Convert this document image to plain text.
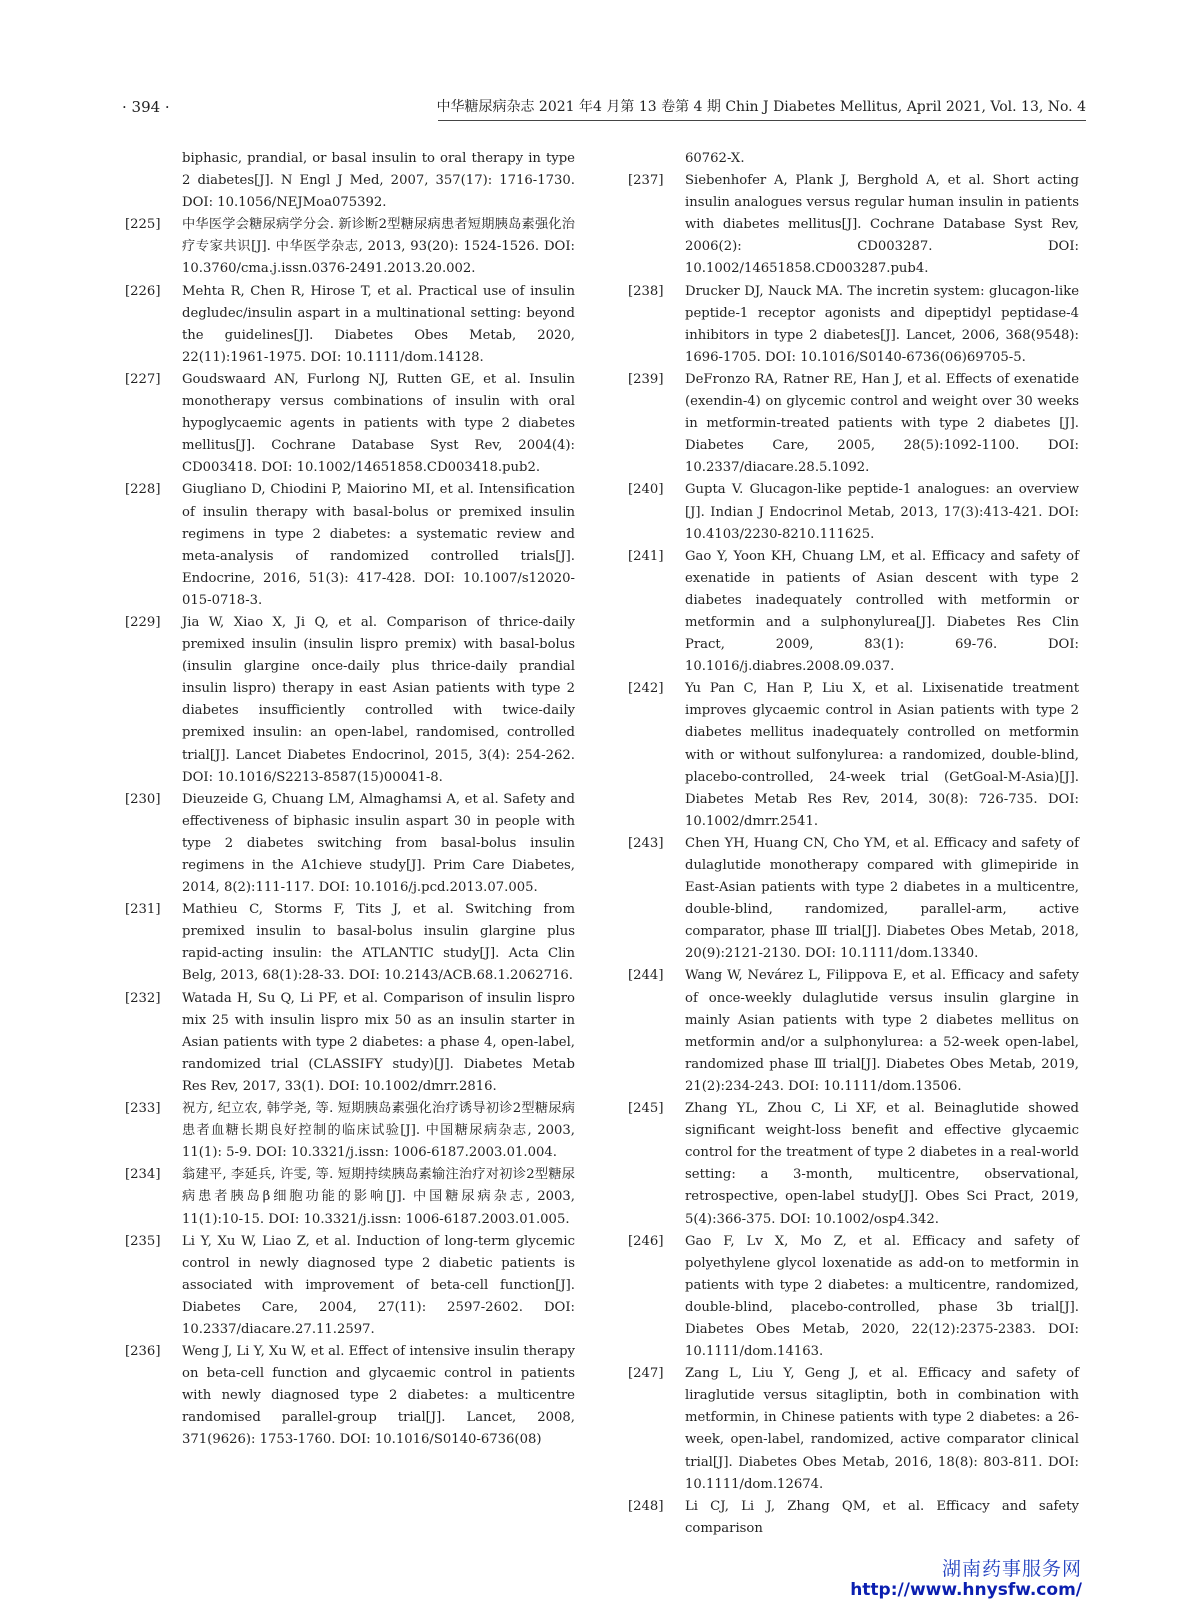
· 394 ·	中华糖尿病杂志 2021 年4 月第 13 卷第 4 期 Chin J Diabetes Mellitus, April 2021, Vol. 13, No. 4
biphasic, prandial, or basal insulin to oral therapy in type 2 diabetes[J]. N Engl J Med, 2007, 357(17): 1716-1730. DOI: 10.1056/NEJMoa075392.
[225] 中华医学会糖尿病学分会. 新诊断2型糖尿病患者短期胰岛素强化治疗专家共识[J]. 中华医学杂志, 2013, 93(20): 1524-1526. DOI: 10.3760/cma.j.issn.0376-2491.2013.20.002.
[226] Mehta R, Chen R, Hirose T, et al. Practical use of insulin degludec/insulin aspart in a multinational setting: beyond the guidelines[J]. Diabetes Obes Metab, 2020, 22(11):1961-1975. DOI: 10.1111/dom.14128.
[227] Goudswaard AN, Furlong NJ, Rutten GE, et al. Insulin monotherapy versus combinations of insulin with oral hypoglycaemic agents in patients with type 2 diabetes mellitus[J]. Cochrane Database Syst Rev, 2004(4): CD003418. DOI: 10.1002/14651858.CD003418.pub2.
[228] Giugliano D, Chiodini P, Maiorino MI, et al. Intensification of insulin therapy with basal-bolus or premixed insulin regimens in type 2 diabetes: a systematic review and meta-analysis of randomized controlled trials[J]. Endocrine, 2016, 51(3): 417-428. DOI: 10.1007/s12020-015-0718-3.
[229] Jia W, Xiao X, Ji Q, et al. Comparison of thrice-daily premixed insulin (insulin lispro premix) with basal-bolus (insulin glargine once-daily plus thrice-daily prandial insulin lispro) therapy in east Asian patients with type 2 diabetes insufficiently controlled with twice-daily premixed insulin: an open-label, randomised, controlled trial[J]. Lancet Diabetes Endocrinol, 2015, 3(4): 254-262. DOI: 10.1016/S2213-8587(15)00041-8.
[230] Dieuzeide G, Chuang LM, Almaghamsi A, et al. Safety and effectiveness of biphasic insulin aspart 30 in people with type 2 diabetes switching from basal-bolus insulin regimens in the A1chieve study[J]. Prim Care Diabetes, 2014, 8(2):111-117. DOI: 10.1016/j.pcd.2013.07.005.
[231] Mathieu C, Storms F, Tits J, et al. Switching from premixed insulin to basal-bolus insulin glargine plus rapid-acting insulin: the ATLANTIC study[J]. Acta Clin Belg, 2013, 68(1):28-33. DOI: 10.2143/ACB.68.1.2062716.
[232] Watada H, Su Q, Li PF, et al. Comparison of insulin lispro mix 25 with insulin lispro mix 50 as an insulin starter in Asian patients with type 2 diabetes: a phase 4, open-label, randomized trial (CLASSIFY study)[J]. Diabetes Metab Res Rev, 2017, 33(1). DOI: 10.1002/dmrr.2816.
[233] 祝方, 纪立农, 韩学尧, 等. 短期胰岛素强化治疗诱导初诊2型糖尿病患者血糖长期良好控制的临床试验[J]. 中国糖尿病杂志, 2003, 11(1): 5-9. DOI: 10.3321/j.issn: 1006-6187.2003.01.004.
[234] 翁建平, 李延兵, 许雯, 等. 短期持续胰岛素输注治疗对初诊2型糖尿病患者胰岛β细胞功能的影响[J]. 中国糖尿病杂志, 2003, 11(1):10-15. DOI: 10.3321/j.issn: 1006-6187.2003.01.005.
[235] Li Y, Xu W, Liao Z, et al. Induction of long-term glycemic control in newly diagnosed type 2 diabetic patients is associated with improvement of beta-cell function[J]. Diabetes Care, 2004, 27(11): 2597-2602. DOI: 10.2337/diacare.27.11.2597.
[236] Weng J, Li Y, Xu W, et al. Effect of intensive insulin therapy on beta-cell function and glycaemic control in patients with newly diagnosed type 2 diabetes: a multicentre randomised parallel-group trial[J]. Lancet, 2008, 371(9626): 1753-1760. DOI: 10.1016/S0140-6736(08)
60762-X.
[237] Siebenhofer A, Plank J, Berghold A, et al. Short acting insulin analogues versus regular human insulin in patients with diabetes mellitus[J]. Cochrane Database Syst Rev, 2006(2): CD003287. DOI: 10.1002/14651858.CD003287.pub4.
[238] Drucker DJ, Nauck MA. The incretin system: glucagon-like peptide-1 receptor agonists and dipeptidyl peptidase-4 inhibitors in type 2 diabetes[J]. Lancet, 2006, 368(9548): 1696-1705. DOI: 10.1016/S0140-6736(06)69705-5.
[239] DeFronzo RA, Ratner RE, Han J, et al. Effects of exenatide (exendin-4) on glycemic control and weight over 30 weeks in metformin-treated patients with type 2 diabetes [J]. Diabetes Care, 2005, 28(5):1092-1100. DOI: 10.2337/diacare.28.5.1092.
[240] Gupta V. Glucagon-like peptide-1 analogues: an overview [J]. Indian J Endocrinol Metab, 2013, 17(3):413-421. DOI: 10.4103/2230-8210.111625.
[241] Gao Y, Yoon KH, Chuang LM, et al. Efficacy and safety of exenatide in patients of Asian descent with type 2 diabetes inadequately controlled with metformin or metformin and a sulphonylurea[J]. Diabetes Res Clin Pract, 2009, 83(1): 69-76. DOI: 10.1016/j.diabres.2008.09.037.
[242] Yu Pan C, Han P, Liu X, et al. Lixisenatide treatment improves glycaemic control in Asian patients with type 2 diabetes mellitus inadequately controlled on metformin with or without sulfonylurea: a randomized, double-blind, placebo-controlled, 24-week trial (GetGoal-M-Asia)[J]. Diabetes Metab Res Rev, 2014, 30(8): 726-735. DOI: 10.1002/dmrr.2541.
[243] Chen YH, Huang CN, Cho YM, et al. Efficacy and safety of dulaglutide monotherapy compared with glimepiride in East-Asian patients with type 2 diabetes in a multicentre, double-blind, randomized, parallel-arm, active comparator, phase Ⅲ trial[J]. Diabetes Obes Metab, 2018, 20(9):2121-2130. DOI: 10.1111/dom.13340.
[244] Wang W, Nevárez L, Filippova E, et al. Efficacy and safety of once-weekly dulaglutide versus insulin glargine in mainly Asian patients with type 2 diabetes mellitus on metformin and/or a sulphonylurea: a 52-week open-label, randomized phase Ⅲ trial[J]. Diabetes Obes Metab, 2019, 21(2):234-243. DOI: 10.1111/dom.13506.
[245] Zhang YL, Zhou C, Li XF, et al. Beinaglutide showed significant weight-loss benefit and effective glycaemic control for the treatment of type 2 diabetes in a real-world setting: a 3-month, multicentre, observational, retrospective, open-label study[J]. Obes Sci Pract, 2019, 5(4):366-375. DOI: 10.1002/osp4.342.
[246] Gao F, Lv X, Mo Z, et al. Efficacy and safety of polyethylene glycol loxenatide as add-on to metformin in patients with type 2 diabetes: a multicentre, randomized, double-blind, placebo-controlled, phase 3b trial[J]. Diabetes Obes Metab, 2020, 22(12):2375-2383. DOI: 10.1111/dom.14163.
[247] Zang L, Liu Y, Geng J, et al. Efficacy and safety of liraglutide versus sitagliptin, both in combination with metformin, in Chinese patients with type 2 diabetes: a 26-week, open-label, randomized, active comparator clinical trial[J]. Diabetes Obes Metab, 2016, 18(8): 803-811. DOI: 10.1111/dom.12674.
[248] Li CJ, Li J, Zhang QM, et al. Efficacy and safety comparison
湖南药事服务网
http://www.hnysfw.com/
